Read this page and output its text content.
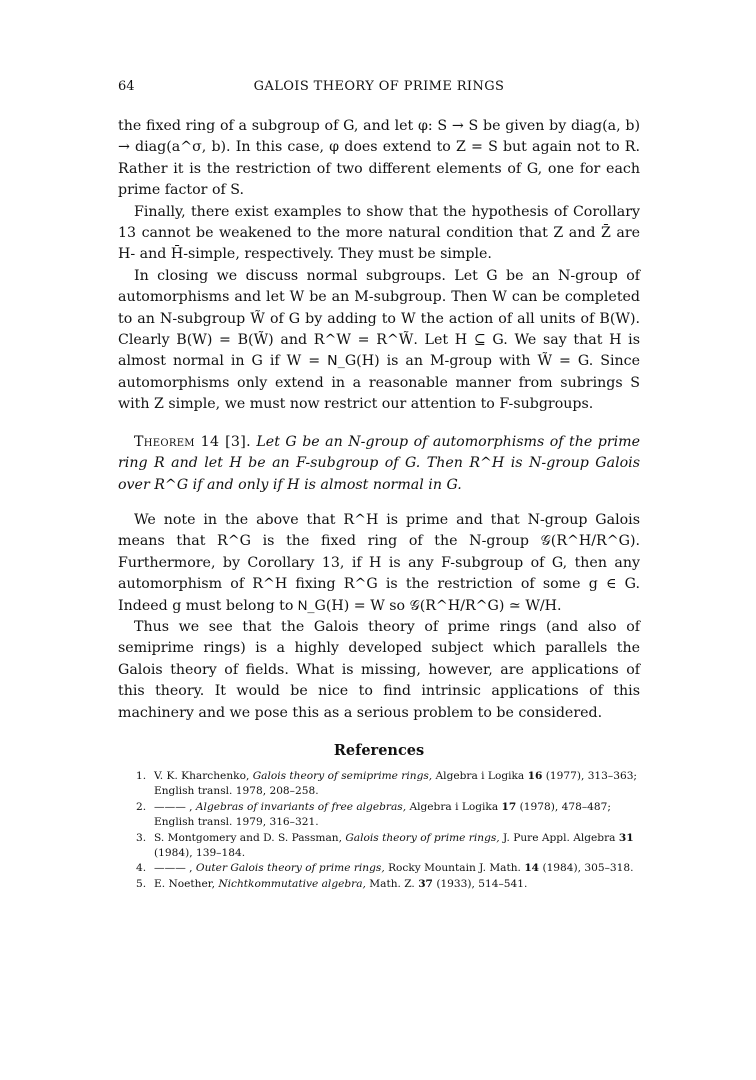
64	GALOIS THEORY OF PRIME RINGS

the fixed ring of a subgroup of G, and let φ: S → S be given by diag(a, b) → diag(a^σ, b). In this case, φ does extend to Z = S but again not to R. Rather it is the restriction of two different elements of G, one for each prime factor of S.

Finally, there exist examples to show that the hypothesis of Corollary 13 cannot be weakened to the more natural condition that Z and Z̄ are H- and H̄-simple, respectively. They must be simple.

In closing we discuss normal subgroups. Let G be an N-group of automorphisms and let W be an M-subgroup. Then W can be completed to an N-subgroup W̃ of G by adding to W the action of all units of B(W). Clearly B(W) = B(W̃) and R^W = R^W̃. Let H ⊆ G. We say that H is almost normal in G if W = 𝖭_G(H) is an M-group with W̃ = G. Since automorphisms only extend in a reasonable manner from subrings S with Z simple, we must now restrict our attention to F-subgroups.

Theorem 14 [3]. Let G be an N-group of automorphisms of the prime ring R and let H be an F-subgroup of G. Then R^H is N-group Galois over R^G if and only if H is almost normal in G.

We note in the above that R^H is prime and that N-group Galois means that R^G is the fixed ring of the N-group 𝒢(R^H/R^G). Furthermore, by Corollary 13, if H is any F-subgroup of G, then any automorphism of R^H fixing R^G is the restriction of some g ∈ G. Indeed g must belong to 𝖭_G(H) = W so 𝒢(R^H/R^G) ≃ W/H.

Thus we see that the Galois theory of prime rings (and also of semiprime rings) is a highly developed subject which parallels the Galois theory of fields. What is missing, however, are applications of this theory. It would be nice to find intrinsic applications of this machinery and we pose this as a serious problem to be considered.

References
1. V. K. Kharchenko, Galois theory of semiprime rings, Algebra i Logika 16 (1977), 313–363; English transl. 1978, 208–258.
2. ——— , Algebras of invariants of free algebras, Algebra i Logika 17 (1978), 478–487; English transl. 1979, 316–321.
3. S. Montgomery and D. S. Passman, Galois theory of prime rings, J. Pure Appl. Algebra 31 (1984), 139–184.
4. ——— , Outer Galois theory of prime rings, Rocky Mountain J. Math. 14 (1984), 305–318.
5. E. Noether, Nichtkommutative algebra, Math. Z. 37 (1933), 514–541.
